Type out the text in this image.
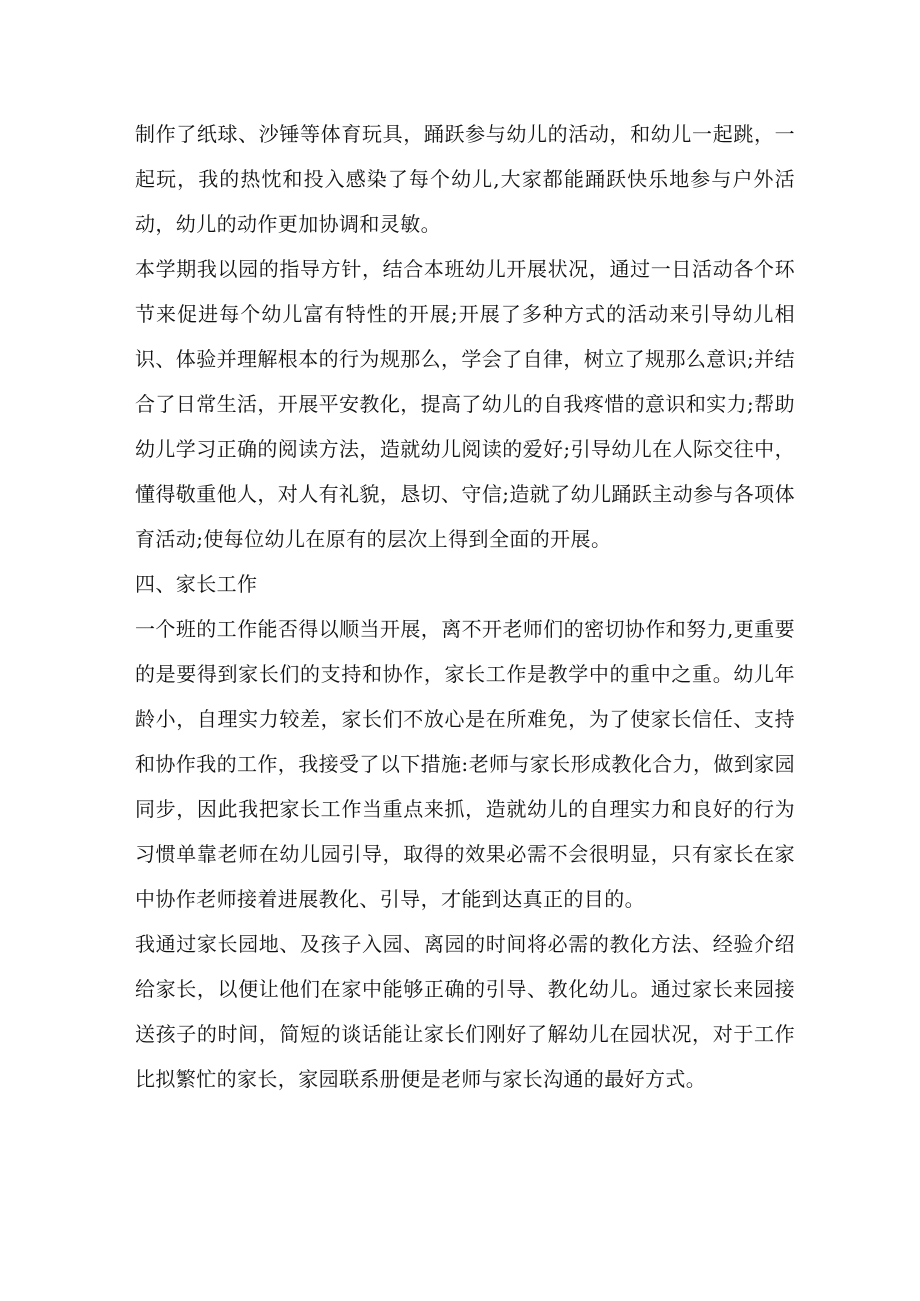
制作了纸球、沙锤等体育玩具，踊跃参与幼儿的活动，和幼儿一起跳，一起玩，我的热忱和投入感染了每个幼儿,大家都能踊跃快乐地参与户外活动，幼儿的动作更加协调和灵敏。

本学期我以园的指导方针，结合本班幼儿开展状况，通过一日活动各个环节来促进每个幼儿富有特性的开展;开展了多种方式的活动来引导幼儿相识、体验并理解根本的行为规那么，学会了自律，树立了规那么意识;并结合了日常生活，开展平安教化，提高了幼儿的自我疼惜的意识和实力;帮助幼儿学习正确的阅读方法，造就幼儿阅读的爱好;引导幼儿在人际交往中，懂得敬重他人，对人有礼貌，恳切、守信;造就了幼儿踊跃主动参与各项体育活动;使每位幼儿在原有的层次上得到全面的开展。

四、家长工作

一个班的工作能否得以顺当开展，离不开老师们的密切协作和努力,更重要的是要得到家长们的支持和协作，家长工作是教学中的重中之重。幼儿年龄小，自理实力较差，家长们不放心是在所难免，为了使家长信任、支持和协作我的工作，我接受了以下措施:老师与家长形成教化合力，做到家园同步，因此我把家长工作当重点来抓，造就幼儿的自理实力和良好的行为习惯单靠老师在幼儿园引导，取得的效果必需不会很明显，只有家长在家中协作老师接着进展教化、引导，才能到达真正的目的。

我通过家长园地、及孩子入园、离园的时间将必需的教化方法、经验介绍给家长，以便让他们在家中能够正确的引导、教化幼儿。通过家长来园接送孩子的时间，简短的谈话能让家长们刚好了解幼儿在园状况，对于工作比拟繁忙的家长，家园联系册便是老师与家长沟通的最好方式。
